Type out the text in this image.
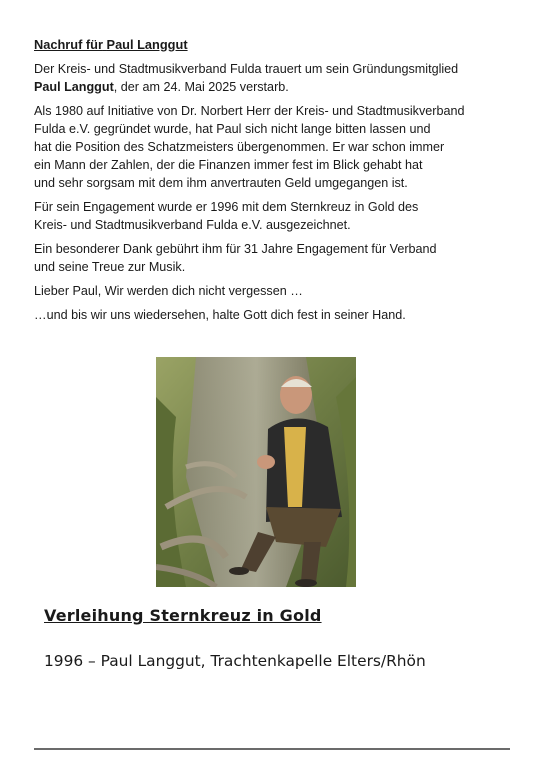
Nachruf für Paul Langgut

Der Kreis- und Stadtmusikverband Fulda trauert um sein Gründungsmitglied
Paul Langgut, der am 24. Mai 2025 verstarb.

Als 1980 auf Initiative von Dr. Norbert Herr der Kreis- und Stadtmusikverband
Fulda e.V. gegründet wurde, hat Paul sich nicht lange bitten lassen und
hat die Position des Schatzmeisters übergenommen. Er war schon immer
ein Mann der Zahlen, der die Finanzen immer fest im Blick gehabt hat
und sehr sorgsam mit dem ihm anvertrauten Geld umgegangen ist.

Für sein Engagement wurde er 1996 mit dem Sternkreuz in Gold des
Kreis- und Stadtmusikverband Fulda e.V. ausgezeichnet.

Ein besonderer Dank gebührt ihm für 31 Jahre Engagement für Verband
und seine Treue zur Musik.

Lieber Paul, Wir werden dich nicht vergessen …

…und bis wir uns wiedersehen, halte Gott dich fest in seiner Hand.

Verleihung Sternkreuz in Gold
1996 – Paul Langgut, Trachtenkapelle Elters/Rhön
